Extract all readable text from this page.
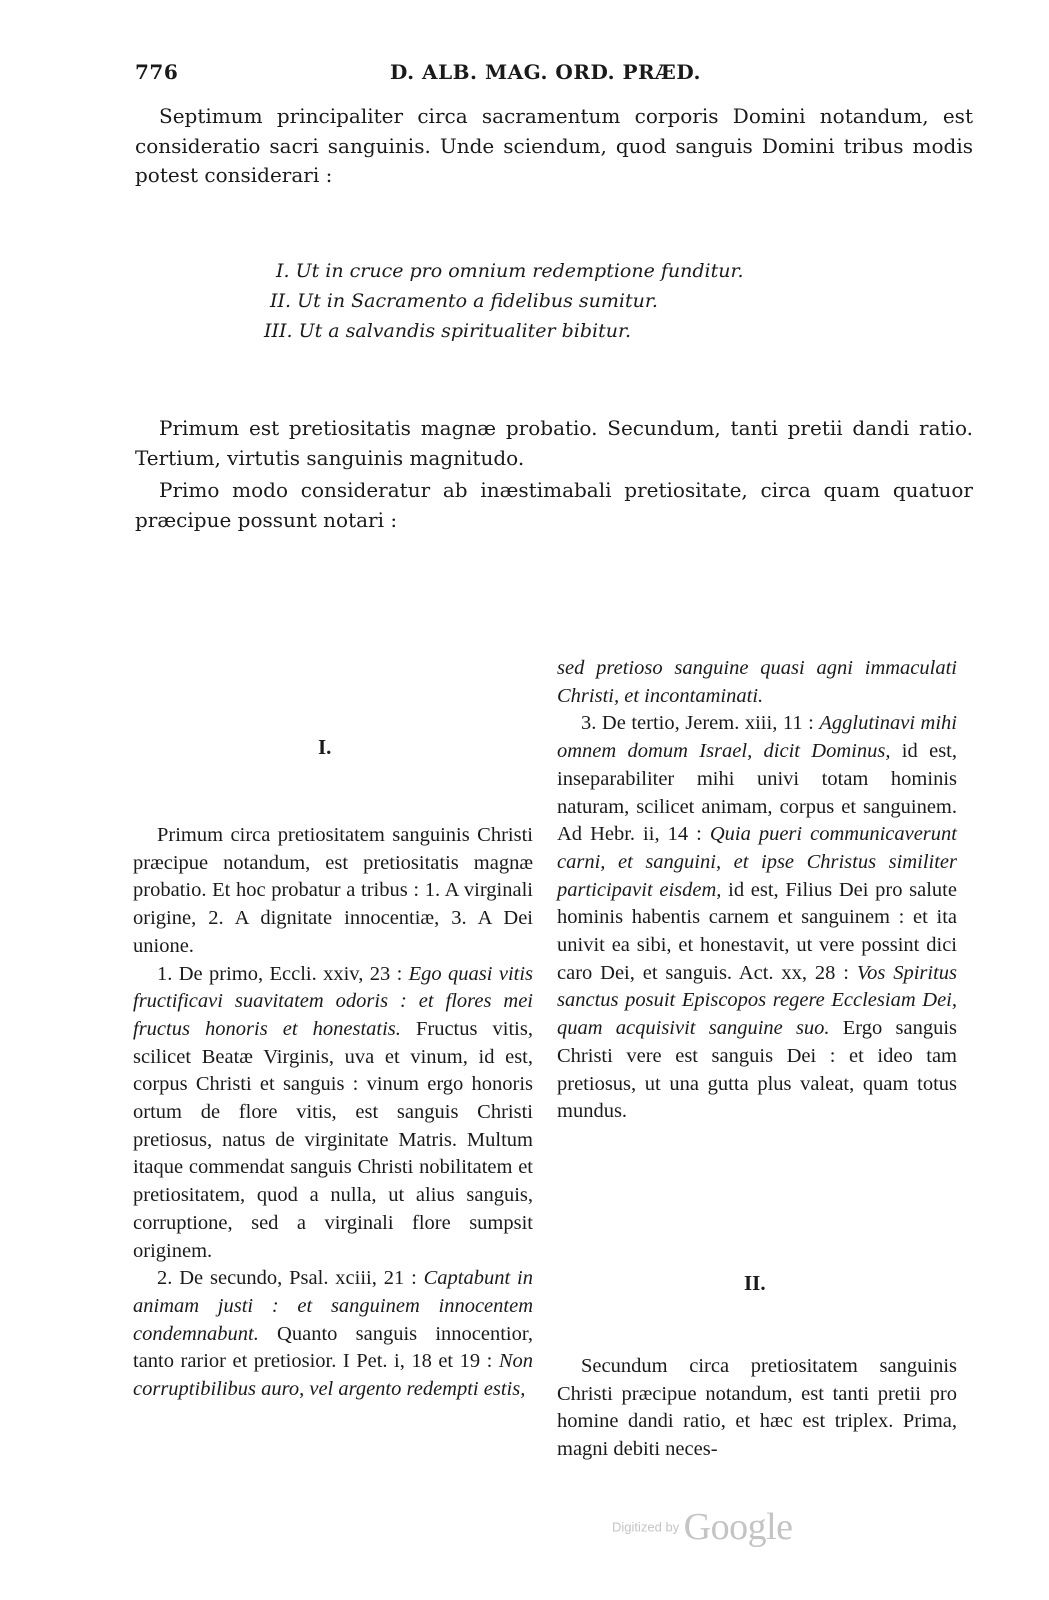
776	D. ALB. MAG. ORD. PRÆD.

Septimum principaliter circa sacramentum corporis Domini notandum, est consideratio sacri sanguinis. Unde sciendum, quod sanguis Domini tribus modis potest considerari :

I. Ut in cruce pro omnium redemptione funditur.
II. Ut in Sacramento a fidelibus sumitur.
III. Ut a salvandis spiritualiter bibitur.

Primum est pretiositatis magnæ probatio. Secundum, tanti pretii dandi ratio. Tertium, virtutis sanguinis magnitudo.

Primo modo consideratur ab inæstimabali pretiositate, circa quam quatuor præcipue possunt notari :

I.

Primum circa pretiositatem sanguinis Christi præcipue notandum, est pretiositatis magnæ probatio. Et hoc probatur a tribus : 1. A virginali origine, 2. A dignitate innocentiæ, 3. A Dei unione.

1. De primo, Eccli. xxiv, 23 : Ego quasi vitis fructificavi suavitatem odoris : et flores mei fructus honoris et honestatis. Fructus vitis, scilicet Beatæ Virginis, uva et vinum, id est, corpus Christi et sanguis : vinum ergo honoris ortum de flore vitis, est sanguis Christi pretiosus, natus de virginitate Matris. Multum itaque commendat sanguis Christi nobilitatem et pretiositatem, quod a nulla, ut alius sanguis, corruptione, sed a virginali flore sumpsit originem.

2. De secundo, Psal. xciii, 21 : Captabunt in animam justi : et sanguinem innocentem condemnabunt. Quanto sanguis innocentior, tanto rarior et pretiosior. I Pet. i, 18 et 19 : Non corruptibilibus auro, vel argento redempti estis,

sed pretioso sanguine quasi agni immaculati Christi, et incontaminati.

3. De tertio, Jerem. xiii, 11 : Agglutinavi mihi omnem domum Israel, dicit Dominus, id est, inseparabiliter mihi univi totam hominis naturam, scilicet animam, corpus et sanguinem. Ad Hebr. ii, 14 : Quia pueri communicaverunt carni, et sanguini, et ipse Christus similiter participavit eisdem, id est, Filius Dei pro salute hominis habentis carnem et sanguinem : et ita univit ea sibi, et honestavit, ut vere possint dici caro Dei, et sanguis. Act. xx, 28 : Vos Spiritus sanctus posuit Episcopos regere Ecclesiam Dei, quam acquisivit sanguine suo. Ergo sanguis Christi vere est sanguis Dei : et ideo tam pretiosus, ut una gutta plus valeat, quam totus mundus.

II.

Secundum circa pretiositatem sanguinis Christi præcipue notandum, est tanti pretii pro homine dandi ratio, et hæc est triplex. Prima, magni debiti neces-

Digitized by Google
